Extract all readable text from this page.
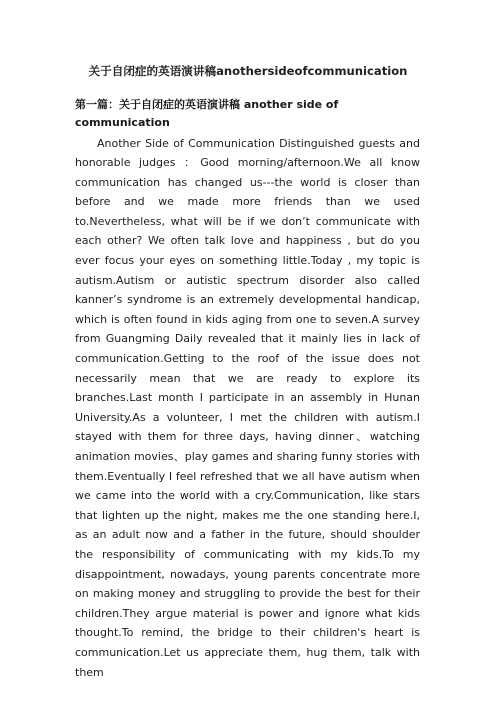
关于自闭症的英语演讲稿anothersideofcommunication
第一篇：关于自闭症的英语演讲稿 another side of communication
Another Side of Communication Distinguished guests and honorable judges ：Good morning/afternoon.We all know communication has changed us---the world is closer than before and we made more friends than we used to.Nevertheless, what will be if we don’t communicate with each other? We often talk love and happiness , but do you ever focus your eyes on something little.Today , my topic is autism.Autism or autistic spectrum disorder also called kanner’s syndrome is an extremely developmental handicap, which is often found in kids aging from one to seven.A survey from Guangming Daily revealed that it mainly lies in lack of communication.Getting to the roof of the issue does not necessarily mean that we are ready to explore its branches.Last month I participate in an assembly in Hunan University.As a volunteer, I met the children with autism.I stayed with them for three days, having dinner、watching animation movies、play games and sharing funny stories with them.Eventually I feel refreshed that we all have autism when we came into the world with a cry.Communication, like stars that lighten up the night, makes me the one standing here.I, as an adult now and a father in the future, should shoulder the responsibility of communicating with my kids.To my disappointment, nowadays, young parents concentrate more on making money and struggling to provide the best for their children.They argue material is power and ignore what kids thought.To remind, the bridge to their children's heart is communication.Let us appreciate them, hug them, talk with them
